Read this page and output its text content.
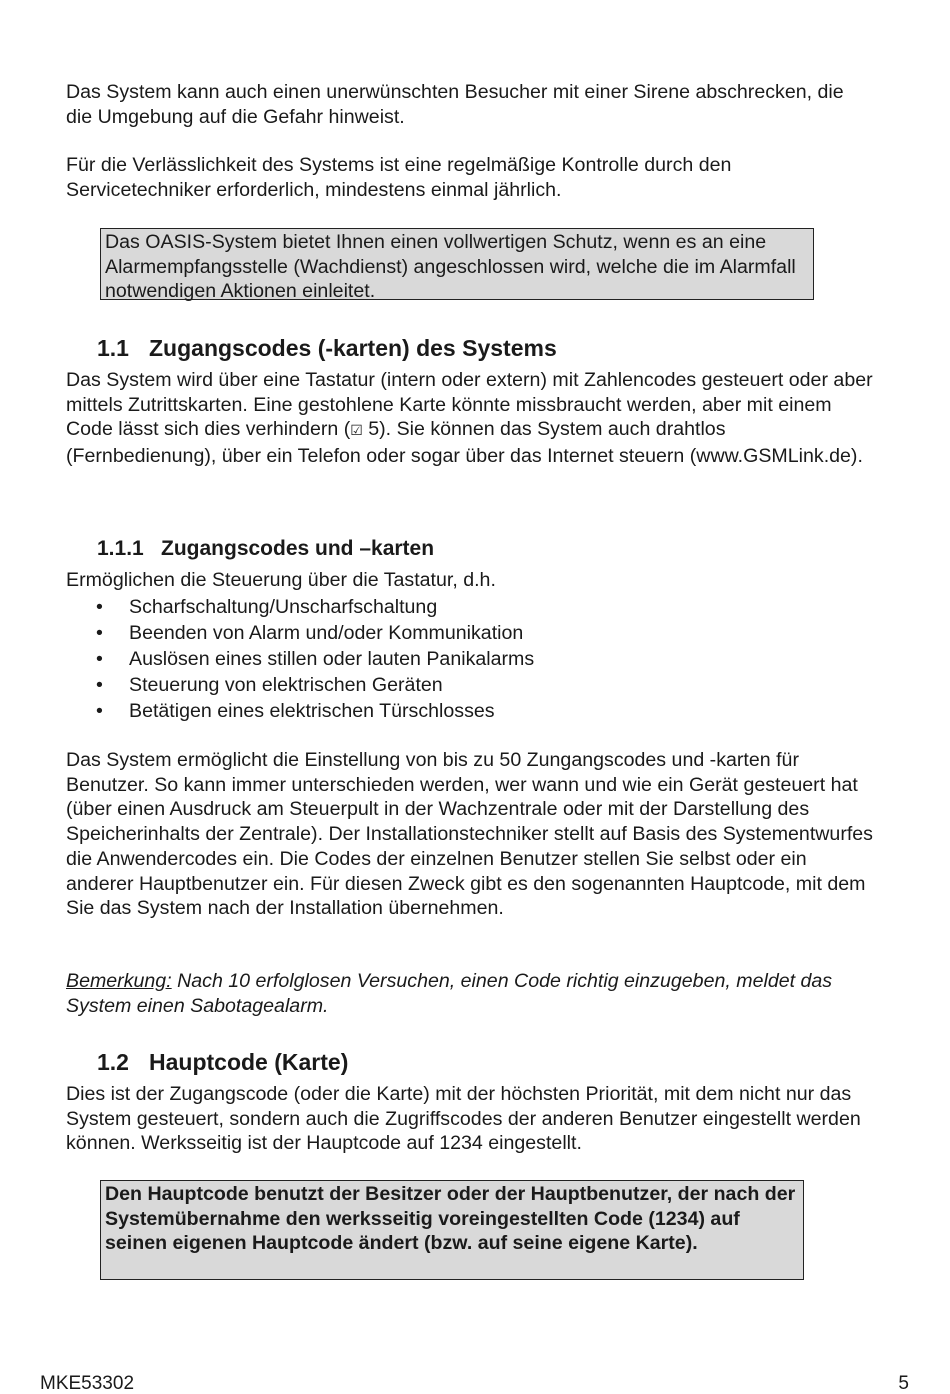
Das System kann auch einen unerwünschten Besucher mit einer Sirene abschrecken, die die Umgebung auf die Gefahr hinweist.

Für die Verlässlichkeit des Systems ist eine regelmäßige Kontrolle durch den Servicetechniker erforderlich, mindestens einmal jährlich.

Das OASIS-System bietet Ihnen einen vollwertigen Schutz, wenn es an eine Alarmempfangsstelle (Wachdienst) angeschlossen wird, welche die im Alarmfall notwendigen Aktionen einleitet.
1.1 Zugangscodes (-karten) des Systems

Das System wird über eine Tastatur (intern oder extern) mit Zahlencodes gesteuert oder aber mittels Zutrittskarten. Eine gestohlene Karte könnte missbraucht werden, aber mit einem Code lässt sich dies verhindern (☑ 5). Sie können das System auch drahtlos (Fernbedienung), über ein Telefon oder sogar über das Internet steuern (www.GSMLink.de).

1.1.1 Zugangscodes und –karten

Ermöglichen die Steuerung über die Tastatur, d.h.

• Scharfschaltung/Unscharfschaltung
• Beenden von Alarm und/oder Kommunikation
• Auslösen eines stillen oder lauten Panikalarms
• Steuerung von elektrischen Geräten
• Betätigen eines elektrischen Türschlosses

Das System ermöglicht die Einstellung von bis zu 50 Zungangscodes und -karten für Benutzer. So kann immer unterschieden werden, wer wann und wie ein Gerät gesteuert hat (über einen Ausdruck am Steuerpult in der Wachzentrale oder mit der Darstellung des Speicherinhalts der Zentrale). Der Installationstechniker stellt auf Basis des Systementwurfes die Anwendercodes ein. Die Codes der einzelnen Benutzer stellen Sie selbst oder ein anderer Hauptbenutzer ein. Für diesen Zweck gibt es den sogenannten Hauptcode, mit dem Sie das System nach der Installation übernehmen.

Bemerkung: Nach 10 erfolglosen Versuchen, einen Code richtig einzugeben, meldet das System einen Sabotagealarm.

1.2 Hauptcode (Karte)

Dies ist der Zugangscode (oder die Karte) mit der höchsten Priorität, mit dem nicht nur das System gesteuert, sondern auch die Zugriffscodes der anderen Benutzer eingestellt werden können. Werksseitig ist der Hauptcode auf 1234 eingestellt.

Den Hauptcode benutzt der Besitzer oder der Hauptbenutzer, der nach der Systemübernahme den werksseitig voreingestellten Code (1234) auf seinen eigenen Hauptcode ändert (bzw. auf seine eigene Karte).
MKE53302	5
